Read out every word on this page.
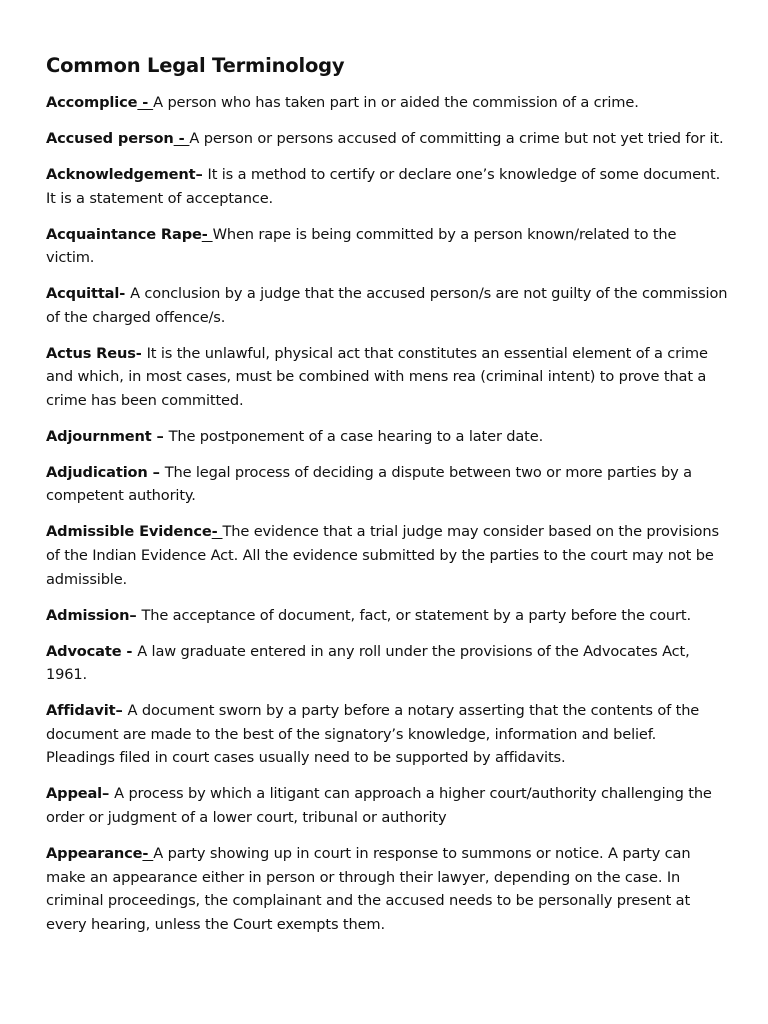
Common Legal Terminology

Accomplice - A person who has taken part in or aided the commission of a crime.

Accused person - A person or persons accused of committing a crime but not yet tried for it.

Acknowledgement– It is a method to certify or declare one’s knowledge of some document. It is a statement of acceptance.

Acquaintance Rape- When rape is being committed by a person known/related to the victim.

Acquittal- A conclusion by a judge that the accused person/s are not guilty of the commission of the charged offence/s.

Actus Reus- It is the unlawful, physical act that constitutes an essential element of a crime and which, in most cases, must be combined with mens rea (criminal intent) to prove that a crime has been committed.

Adjournment – The postponement of a case hearing to a later date.

Adjudication – The legal process of deciding a dispute between two or more parties by a competent authority.

Admissible Evidence- The evidence that a trial judge may consider based on the provisions of the Indian Evidence Act. All the evidence submitted by the parties to the court may not be admissible.

Admission– The acceptance of document, fact, or statement by a party before the court.

Advocate - A law graduate entered in any roll under the provisions of the Advocates Act, 1961.

Affidavit– A document sworn by a party before a notary asserting that the contents of the document are made to the best of the signatory’s knowledge, information and belief. Pleadings filed in court cases usually need to be supported by affidavits.

Appeal– A process by which a litigant can approach a higher court/authority challenging the order or judgment of a lower court, tribunal or authority

Appearance- A party showing up in court in response to summons or notice. A party can make an appearance either in person or through their lawyer, depending on the case. In criminal proceedings, the complainant and the accused needs to be personally present at every hearing, unless the Court exempts them.
